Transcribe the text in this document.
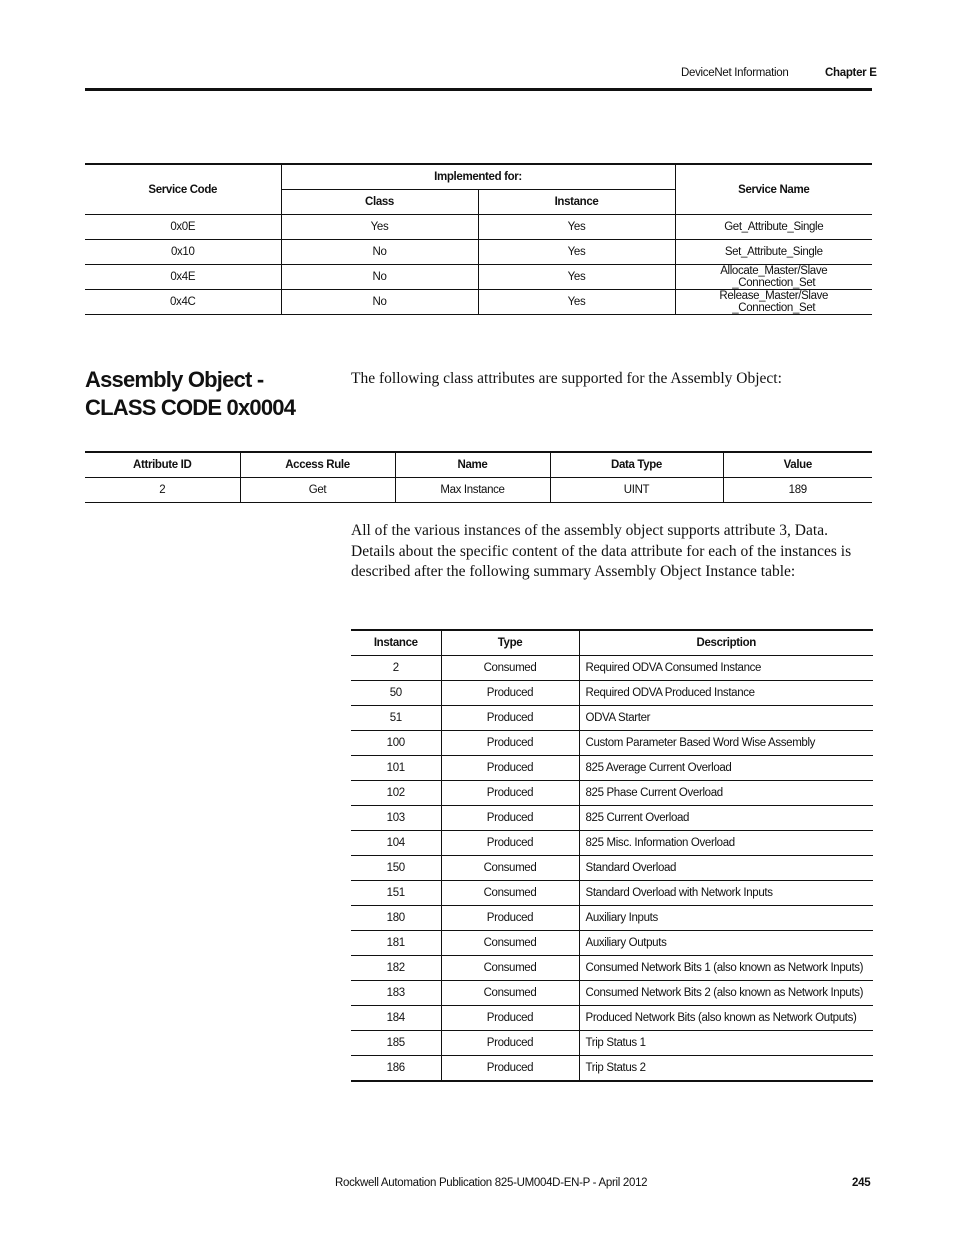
DeviceNet Information	Chapter E
Service Code	Implemented for:		Service Name
	Class	Instance	
0x0E	Yes	Yes	Get_Attribute_Single
0x10	No	Yes	Set_Attribute_Single
0x4E	No	Yes	Allocate_Master/Slave _Connection_Set
0x4C	No	Yes	Release_Master/Slave _Connection_Set
Assembly Object - CLASS CODE 0x0004
The following class attributes are supported for the Assembly Object:
Attribute ID	Access Rule	Name	Data Type	Value
2	Get	Max Instance	UINT	189
All of the various instances of the assembly object supports attribute 3, Data. Details about the specific content of the data attribute for each of the instances is described after the following summary Assembly Object Instance table:
Instance	Type	Description
2	Consumed	Required ODVA Consumed Instance
50	Produced	Required ODVA Produced Instance
51	Produced	ODVA Starter
100	Produced	Custom Parameter Based Word Wise Assembly
101	Produced	825 Average Current Overload
102	Produced	825 Phase Current Overload
103	Produced	825 Current Overload
104	Produced	825 Misc. Information Overload
150	Consumed	Standard Overload
151	Consumed	Standard Overload with Network Inputs
180	Produced	Auxiliary Inputs
181	Consumed	Auxiliary Outputs
182	Consumed	Consumed Network Bits 1 (also known as Network Inputs)
183	Consumed	Consumed Network Bits 2 (also known as Network Inputs)
184	Produced	Produced Network Bits (also known as Network Outputs)
185	Produced	Trip Status 1
186	Produced	Trip Status 2
Rockwell Automation Publication 825-UM004D-EN-P - April 2012	245
